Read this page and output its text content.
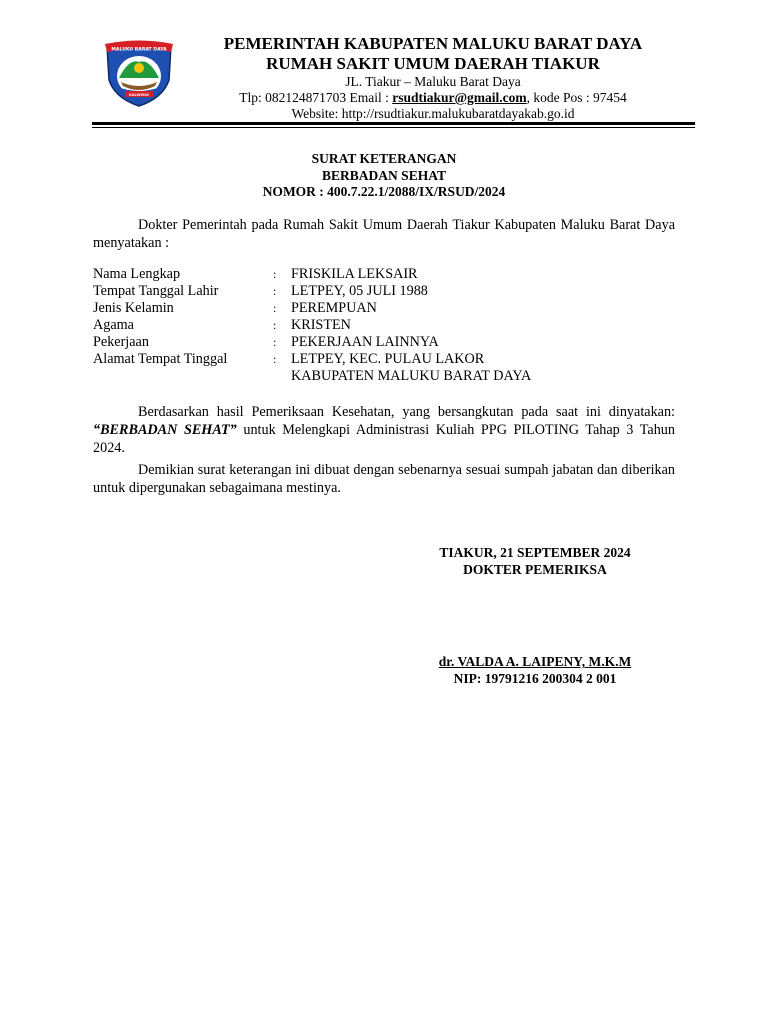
MALUKU BARAT DAYA
KALWEDO
PEMERINTAH KABUPATEN MALUKU BARAT DAYA
RUMAH SAKIT UMUM DAERAH TIAKUR
JL. Tiakur – Maluku Barat Daya
Tlp: 082124871703 Email : rsudtiakur@gmail.com, kode Pos : 97454
Website: http://rsudtiakur.malukubaratdayakab.go.id
SURAT KETERANGAN
BERBADAN SEHAT
NOMOR : 400.7.22.1/2088/IX/RSUD/2024
Dokter Pemerintah pada Rumah Sakit Umum Daerah Tiakur Kabupaten Maluku Barat Daya menyatakan :
Nama Lengkap	:	FRISKILA LEKSAIR
Tempat Tanggal Lahir	:	LETPEY, 05 JULI 1988
Jenis Kelamin	:	PEREMPUAN
Agama	:	KRISTEN
Pekerjaan	:	PEKERJAAN LAINNYA
Alamat Tempat Tinggal	:	LETPEY, KEC. PULAU LAKOR
KABUPATEN MALUKU BARAT DAYA
Berdasarkan hasil Pemeriksaan Kesehatan, yang bersangkutan pada saat ini dinyatakan: “BERBADAN SEHAT” untuk Melengkapi Administrasi Kuliah PPG PILOTING Tahap 3 Tahun 2024.
Demikian surat keterangan ini dibuat dengan sebenarnya sesuai sumpah jabatan dan diberikan untuk dipergunakan sebagaimana mestinya.
TIAKUR, 21 SEPTEMBER 2024
DOKTER PEMERIKSA
dr. VALDA A. LAIPENY, M.K.M
NIP: 19791216 200304 2 001
